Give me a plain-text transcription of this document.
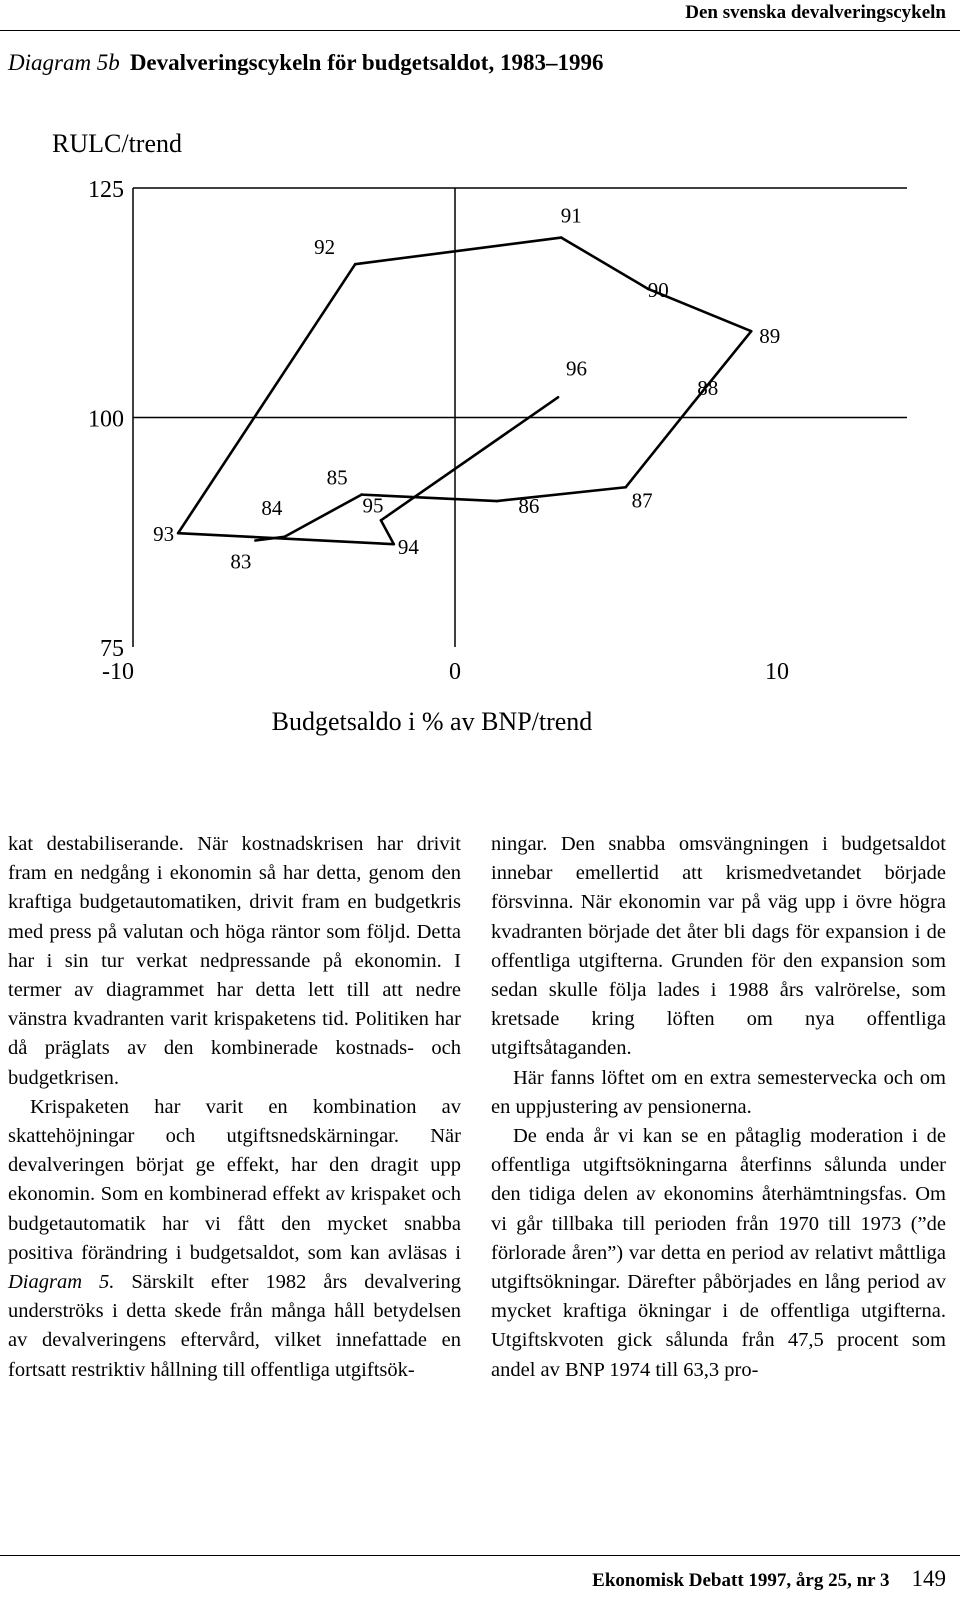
Den svenska devalveringscykeln
Diagram 5b Devalveringscykeln för budgetsaldot, 1983–1996
RULC/trend
125
100
75
-10	0	10
83
84
85
86	87
88
89
90
91
92
93
94
95
96
Budgetsaldo i % av BNP/trend

kat destabiliserande. När kostnadskrisen har drivit fram en nedgång i ekonomin så har detta, genom den kraftiga budgetautomatiken, drivit fram en budgetkris med press på valutan och höga räntor som följd. Detta har i sin tur verkat nedpressande på ekonomin. I termer av diagrammet har detta lett till att nedre vänstra kvadranten varit krispaketens tid. Politiken har då präglats av den kombinerade kostnads- och budgetkrisen.

Krispaketen har varit en kombination av skattehöjningar och utgiftsnedskärningar. När devalveringen börjat ge effekt, har den dragit upp ekonomin. Som en kombinerad effekt av krispaket och budgetautomatik har vi fått den mycket snabba positiva förändring i budgetsaldot, som kan avläsas i Diagram 5. Särskilt efter 1982 års devalvering underströks i detta skede från många håll betydelsen av devalveringens eftervård, vilket innefattade en fortsatt restriktiv hållning till offentliga utgiftsök-

ningar. Den snabba omsvängningen i budgetsaldot innebar emellertid att krismedvetandet började försvinna. När ekonomin var på väg upp i övre högra kvadranten började det åter bli dags för expansion i de offentliga utgifterna. Grunden för den expansion som sedan skulle följa lades i 1988 års valrörelse, som kretsade kring löften om nya offentliga utgiftsåtaganden.

Här fanns löftet om en extra semestervecka och om en uppjustering av pensionerna.

De enda år vi kan se en påtaglig moderation i de offentliga utgiftsökningarna återfinns sålunda under den tidiga delen av ekonomins återhämtningsfas. Om vi går tillbaka till perioden från 1970 till 1973 (”de förlorade åren”) var detta en period av relativt måttliga utgiftsökningar. Därefter påbörjades en lång period av mycket kraftiga ökningar i de offentliga utgifterna. Utgiftskvoten gick sålunda från 47,5 procent som andel av BNP 1974 till 63,3 pro-

Ekonomisk Debatt 1997, årg 25, nr 3 149
